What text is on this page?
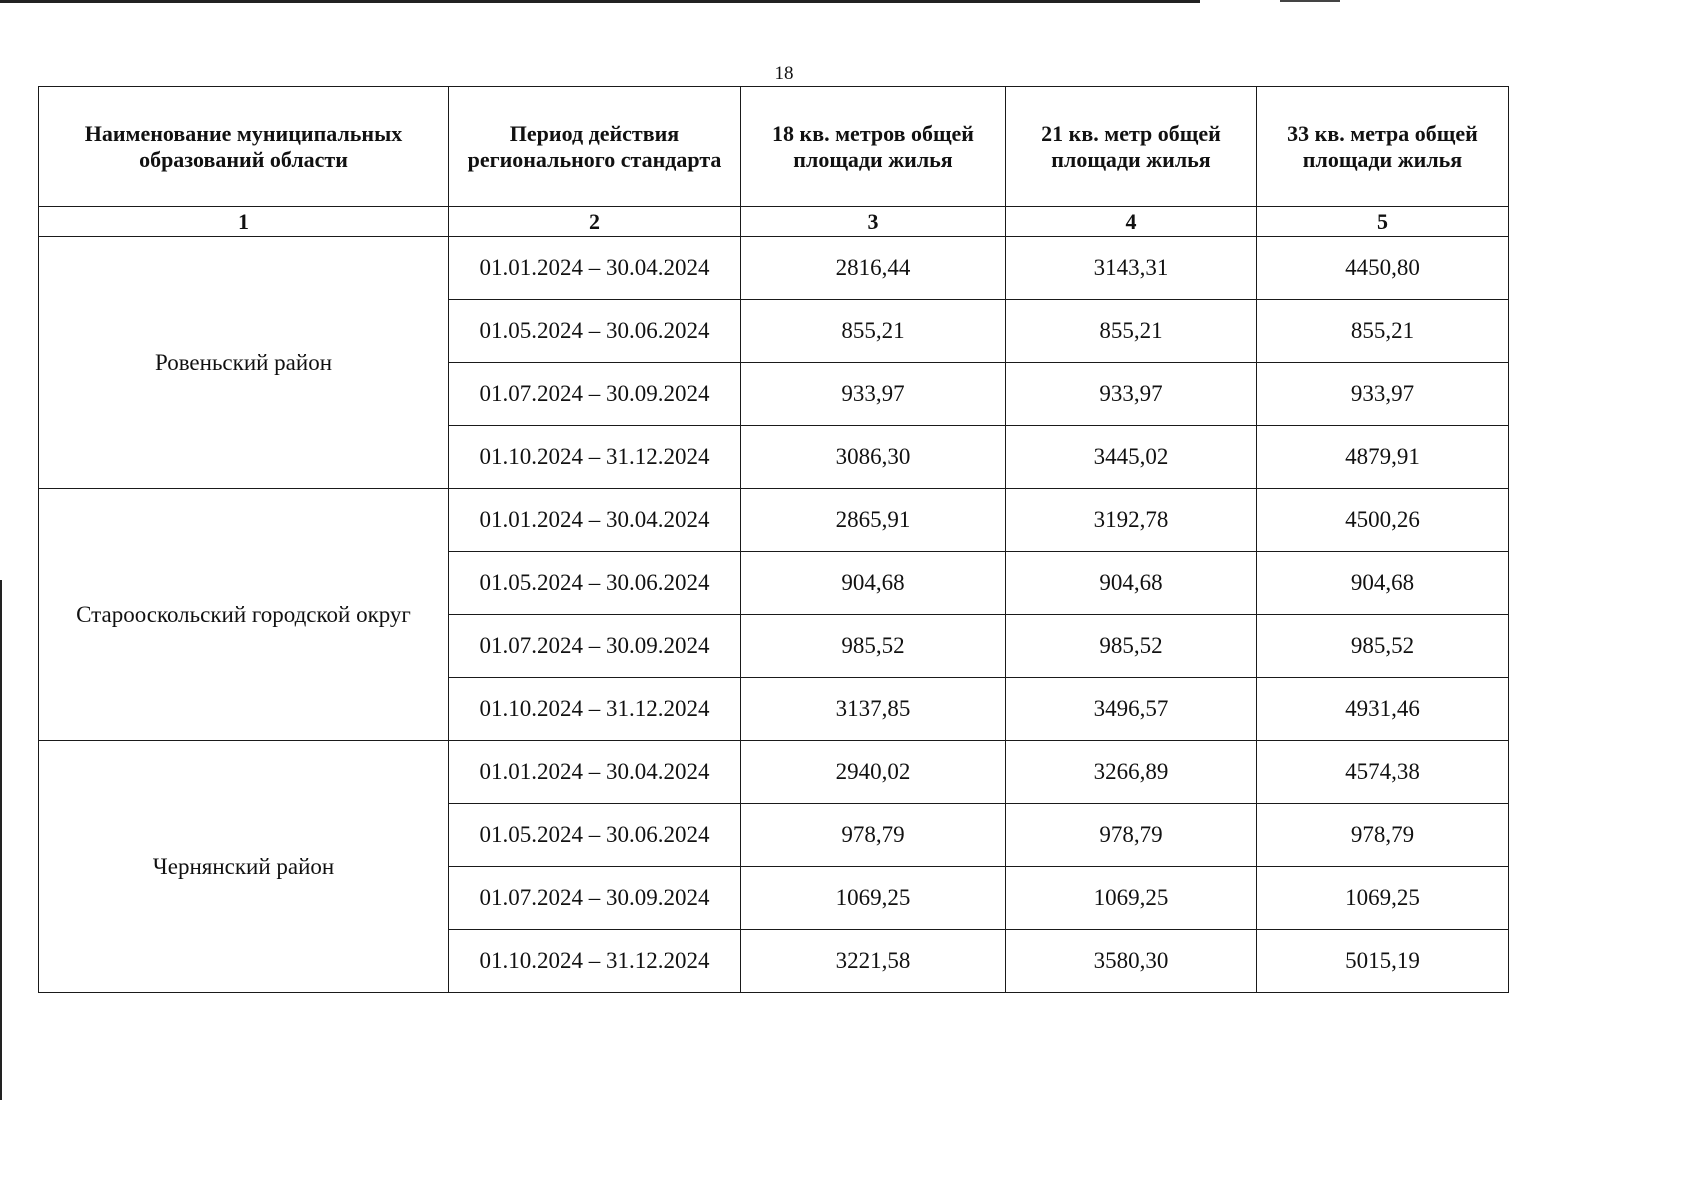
18
Наименование муниципальных образований области	Период действия регионального стандарта	18 кв. метров общей площади жилья	21 кв. метр общей площади жилья	33 кв. метра общей площади жилья
1	2	3	4	5
Ровеньский район	01.01.2024 – 30.04.2024	2816,44	3143,31	4450,80
	01.05.2024 – 30.06.2024	855,21	855,21	855,21
	01.07.2024 – 30.09.2024	933,97	933,97	933,97
	01.10.2024 – 31.12.2024	3086,30	3445,02	4879,91
Старооскольский городской округ	01.01.2024 – 30.04.2024	2865,91	3192,78	4500,26
	01.05.2024 – 30.06.2024	904,68	904,68	904,68
	01.07.2024 – 30.09.2024	985,52	985,52	985,52
	01.10.2024 – 31.12.2024	3137,85	3496,57	4931,46
Чернянский район	01.01.2024 – 30.04.2024	2940,02	3266,89	4574,38
	01.05.2024 – 30.06.2024	978,79	978,79	978,79
	01.07.2024 – 30.09.2024	1069,25	1069,25	1069,25
	01.10.2024 – 31.12.2024	3221,58	3580,30	5015,19
